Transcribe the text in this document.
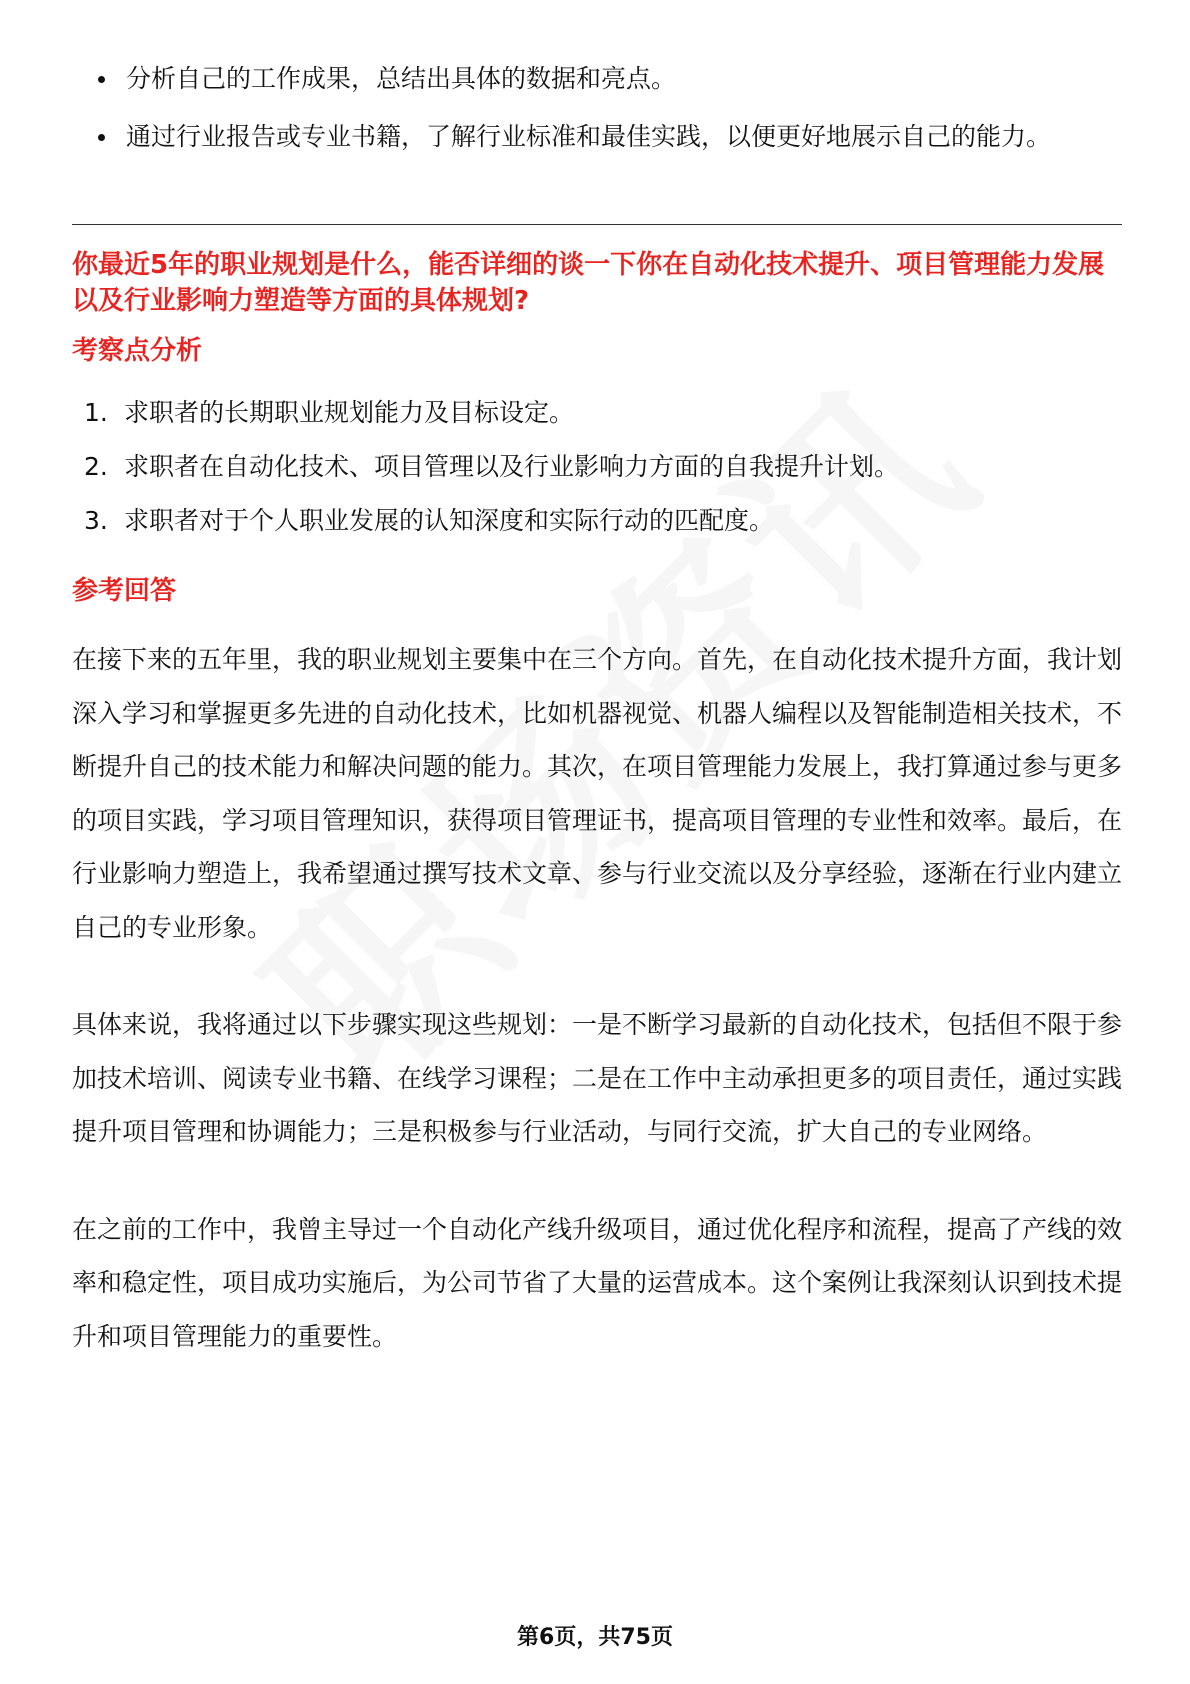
分析自己的工作成果，总结出具体的数据和亮点。
通过行业报告或专业书籍，了解行业标准和最佳实践，以便更好地展示自己的能力。
你最近5年的职业规划是什么，能否详细的谈一下你在自动化技术提升、项目管理能力发展以及行业影响力塑造等方面的具体规划?
考察点分析
1. 求职者的长期职业规划能力及目标设定。
2. 求职者在自动化技术、项目管理以及行业影响力方面的自我提升计划。
3. 求职者对于个人职业发展的认知深度和实际行动的匹配度。
参考回答

在接下来的五年里，我的职业规划主要集中在三个方向。首先，在自动化技术提升方面，我计划深入学习和掌握更多先进的自动化技术，比如机器视觉、机器人编程以及智能制造相关技术，不断提升自己的技术能力和解决问题的能力。其次，在项目管理能力发展上，我打算通过参与更多的项目实践，学习项目管理知识，获得项目管理证书，提高项目管理的专业性和效率。最后，在行业影响力塑造上，我希望通过撰写技术文章、参与行业交流以及分享经验，逐渐在行业内建立自己的专业形象。

具体来说，我将通过以下步骤实现这些规划：一是不断学习最新的自动化技术，包括但不限于参加技术培训、阅读专业书籍、在线学习课程；二是在工作中主动承担更多的项目责任，通过实践提升项目管理和协调能力；三是积极参与行业活动，与同行交流，扩大自己的专业网络。

在之前的工作中，我曾主导过一个自动化产线升级项目，通过优化程序和流程，提高了产线的效率和稳定性，项目成功实施后，为公司节省了大量的运营成本。这个案例让我深刻认识到技术提升和项目管理能力的重要性。

第6页，共75页
